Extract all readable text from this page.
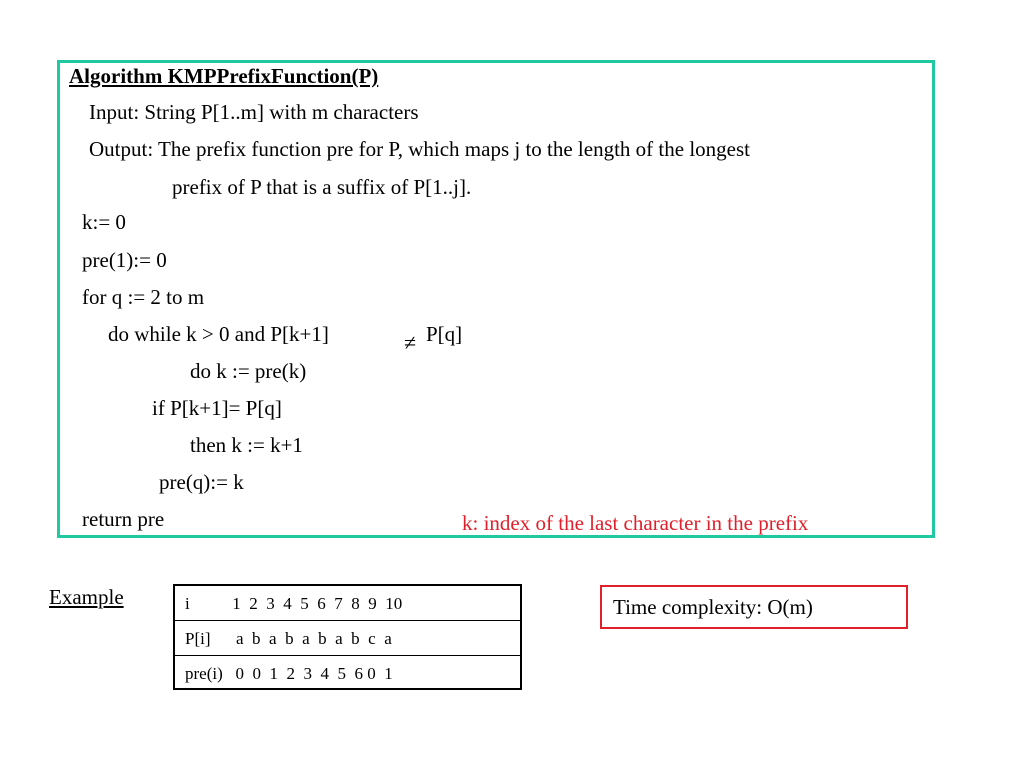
Algorithm KMPPrefixFunction(P)
Input: String P[1..m] with m characters
Output: The prefix function pre for P, which maps j to the length of the longest
prefix of P that is a suffix of P[1..j].
k:= 0
pre(1):= 0
for q := 2 to m
do while k > 0 and P[k+1]	≠ P[q]
do k := pre(k)
if P[k+1]= P[q]
then k := k+1
pre(q):= k
return pre	k: index of the last character in the prefix
Example	i          1  2  3  4  5  6  7  8  9  10
P[i]      a  b  a  b  a  b  a  b  c  a
pre(i)   0  0  1  2  3  4  5  6 0  1
Time complexity: O(m)
